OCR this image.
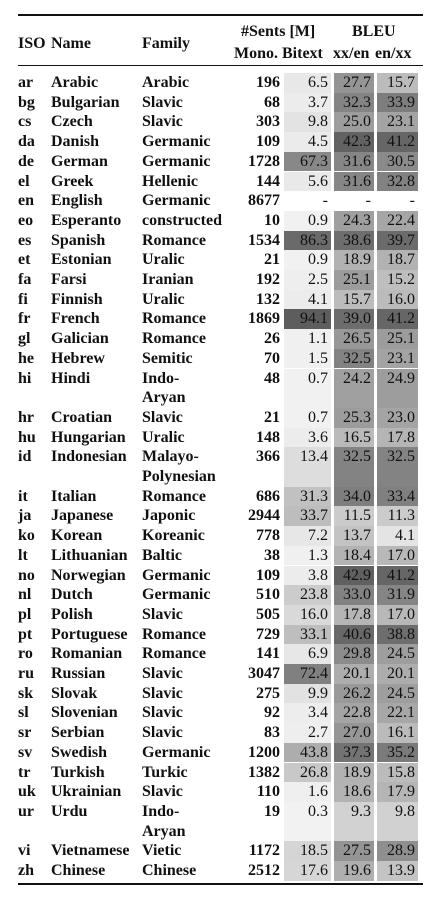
ISO Name	Family
#Sents [M] BLEU
Mono. Bitext xx/en en/xx
ar Arabic	Arabic	196	6.5 27.7	15.7
bg Bulgarian Slavic	68	3.7 32.3	33.9
cs Czech	Slavic	303	9.8 25.0	23.1
da Danish	Germanic	109	4.5 42.3	41.2
de German Germanic	1728	67.3 31.6	30.5
el Greek	Hellenic	144	5.6 31.6	32.8
en English Germanic	8677	-	-	-
eo Esperanto constructed	10	0.9 24.3	22.4
es Spanish Romance	1534	86.3 38.6	39.7
et Estonian Uralic	21	0.9 18.9	18.7
fa Farsi	Iranian	192	2.5 25.1	15.2
fi Finnish Uralic	132	4.1 15.7	16.0
fr French	Romance	1869	94.1 39.0	41.2
gl Galician Romance	26	1.1 26.5	25.1
he Hebrew Semitic	70	1.5 32.5	23.1
hi Hindi	Indo-
Aryan
48	0.7 24.2	24.9
hr Croatian Slavic	21	0.7 25.3	23.0
hu Hungarian Uralic	148	3.6 16.5	17.8
id Indonesian Malayo-
Polynesian
366	13.4 32.5	32.5
it Italian	Romance	686	31.3 34.0	33.4
ja Japanese Japonic	2944	33.7 11.5	11.3
ko Korean Koreanic	778	7.2 13.7	4.1
lt Lithuanian Baltic	38	1.3 18.4	17.0
no Norwegian Germanic	109	3.8 42.9	41.2
nl Dutch	Germanic	510	23.8 33.0	31.9
pl Polish	Slavic	505	16.0 17.8	17.0
pt Portuguese Romance	729	33.1 40.6	38.8
ro Romanian Romance	141	6.9 29.8	24.5
ru Russian Slavic	3047	72.4 20.1	20.1
sk Slovak	Slavic	275	9.9 26.2	24.5
sl Slovenian Slavic	92	3.4 22.8	22.1
sr Serbian Slavic	83	2.7 27.0	16.1
sv Swedish Germanic	1200	43.8 37.3	35.2
tr Turkish Turkic	1382	26.8 18.9	15.8
uk Ukrainian Slavic	110	1.6 18.6	17.9
ur Urdu	Indo-
Aryan
19	0.3	9.3	9.8
vi Vietnamese Vietic	1172	18.5 27.5	28.9
zh Chinese Chinese	2512	17.6 19.6	13.9
